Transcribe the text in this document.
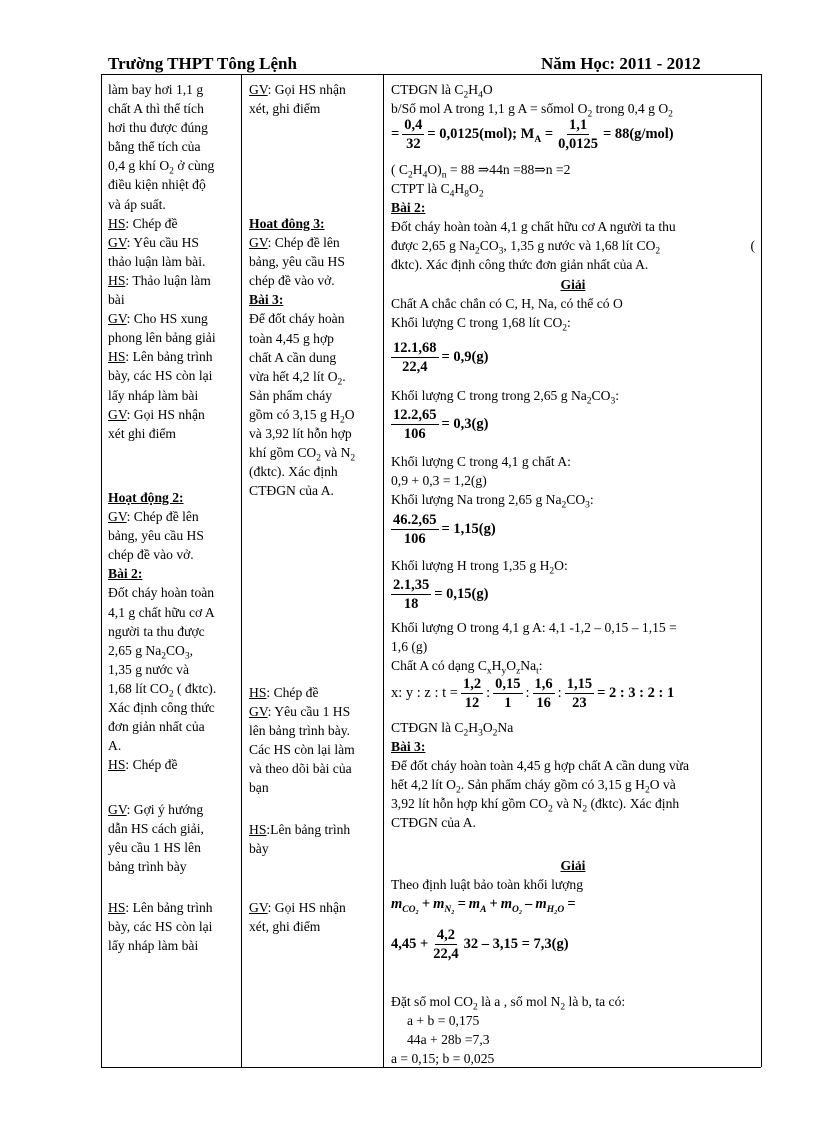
Trường THPT Tông Lệnh	Năm Học: 2011 - 2012
làm bay hơi 1,1 g
chất A thì thể tích
hơi thu được đúng
bằng thể tích của
0,4 g khí $O_2$ ở cùng
điều kiện nhiệt độ
và áp suất.
HS: Chép đề
GV: Yêu cầu HS
thảo luận làm bài.
HS: Thảo luận làm
bài
GV: Cho HS xung
phong lên bảng giải
HS: Lên bảng trình
bày, các HS còn lại
lấy nháp làm bài
GV: Gọi HS nhận
xét ghi điểm
Hoạt động 2:
GV: Chép đề lên
bảng, yêu cầu HS
chép đề vào vở.
Bài 2:
Đốt cháy hoàn toàn
4,1 g chất hữu cơ A
người ta thu được
2,65 g $Na_2CO_3$,
1,35 g nước và
1,68 lít $CO_2$ ( đktc).
Xác định công thức
đơn giản nhất của
A.
HS: Chép đề
GV: Gợi ý hướng
dẫn HS cách giải,
yêu cầu 1 HS lên
bảng trình bày
HS: Lên bảng trình
bày, các HS còn lại
lấy nháp làm bài
GV: Gọi HS nhận
xét, ghi điểm
Hoat đông 3:
GV: Chép đề lên
bảng, yêu cầu HS
chép đề vào vở.
Bài 3:
Để đốt cháy hoàn
toàn 4,45 g hợp
chất A cần dung
vừa hết 4,2 lít $O_2$.
Sản phẩm cháy
gồm có 3,15 g $H_2O$
và 3,92 lít hỗn hợp
khí gồm $CO_2$ và $N_2$
(đktc). Xác định
CTĐGN của A.
HS: Chép đề
GV: Yêu cầu 1 HS
lên bảng trình bày.
Các HS còn lại làm
và theo dõi bài của
bạn
HS:Lên bảng trình
bày
GV: Gọi HS nhận
xét, ghi điểm
CTĐGN là $C_2H_4O$
b/Số mol A trong 1,1 g A = sốmol $O_2$ trong 0,4 g $O_2$
= $\frac{0,4}{32} = 0,0125(mol)$; $M_A = \frac{1,1}{0,0125} = 88(g/mol)$
( $C_2H_4O)_n = 88$ ⇒44n =88⇒n =2
CTPT là $C_4H_8O_2$
Bài 2:
Đốt cháy hoàn toàn 4,1 g chất hữu cơ A người ta thu
được 2,65 g $Na_2CO_3$, 1,35 g nước và 1,68 lít $CO_2$	(
đktc). Xác định công thức đơn giản nhất của A.
Giải
Chất A chắc chắn có C, H, Na, có thể có O
Khối lượng C trong 1,68 lít $CO_2$:
$\frac{12.1,68}{22,4} = 0,9(g)$
Khối lượng C trong trong 2,65 g $Na_2CO_3$:
$\frac{12.2,65}{106} = 0,3(g)$
Khối lượng C trong 4,1 g chất A:
0,9 + 0,3 = 1,2(g)
Khối lượng Na trong 2,65 g $Na_2CO_3$:
$\frac{46.2,65}{106} = 1,15(g)$
Khối lượng H trong 1,35 g $H_2O$:
$\frac{2.1,35}{18} = 0,15(g)$
Khối lượng O trong 4,1 g A: 4,1 -1,2 – 0,15 – 1,15 =
1,6 (g)
Chất A có dạng $C_xH_yO_zNa_t$:
x: y : z : $t = \frac{1,2}{12}$ : $\frac{0,15}{1}$ : $\frac{1,6}{16}$ : $\frac{1,15}{23} = 2$ : 3 : 2 : 1
CTĐGN là $C_2H_3O_2Na$
Bài 3:
Để đốt cháy hoàn toàn 4,45 g hợp chất A cần dung vừa
hết 4,2 lít $O_2$. Sản phẩm cháy gồm có 3,15 g $H_2O$ và
3,92 lít hỗn hợp khí gồm $CO_2$ và $N_2$ (đktc). Xác định
CTĐGN của A.
Giải
Theo định luật bảo toàn khối lượng
$m_{CO_2} + m_{N_2} = m_A + m_{O_2} - m_{H_2O}$ =
$4,45 + \frac{4,2}{22,4} 32 - 3,15 = 7,3(g)$
Đặt số mol $CO_2$ là a , số mol $N_2$ là b, ta có:
a + b = 0,175
44a + 28b =7,3
a = 0,15; b = 0,025
